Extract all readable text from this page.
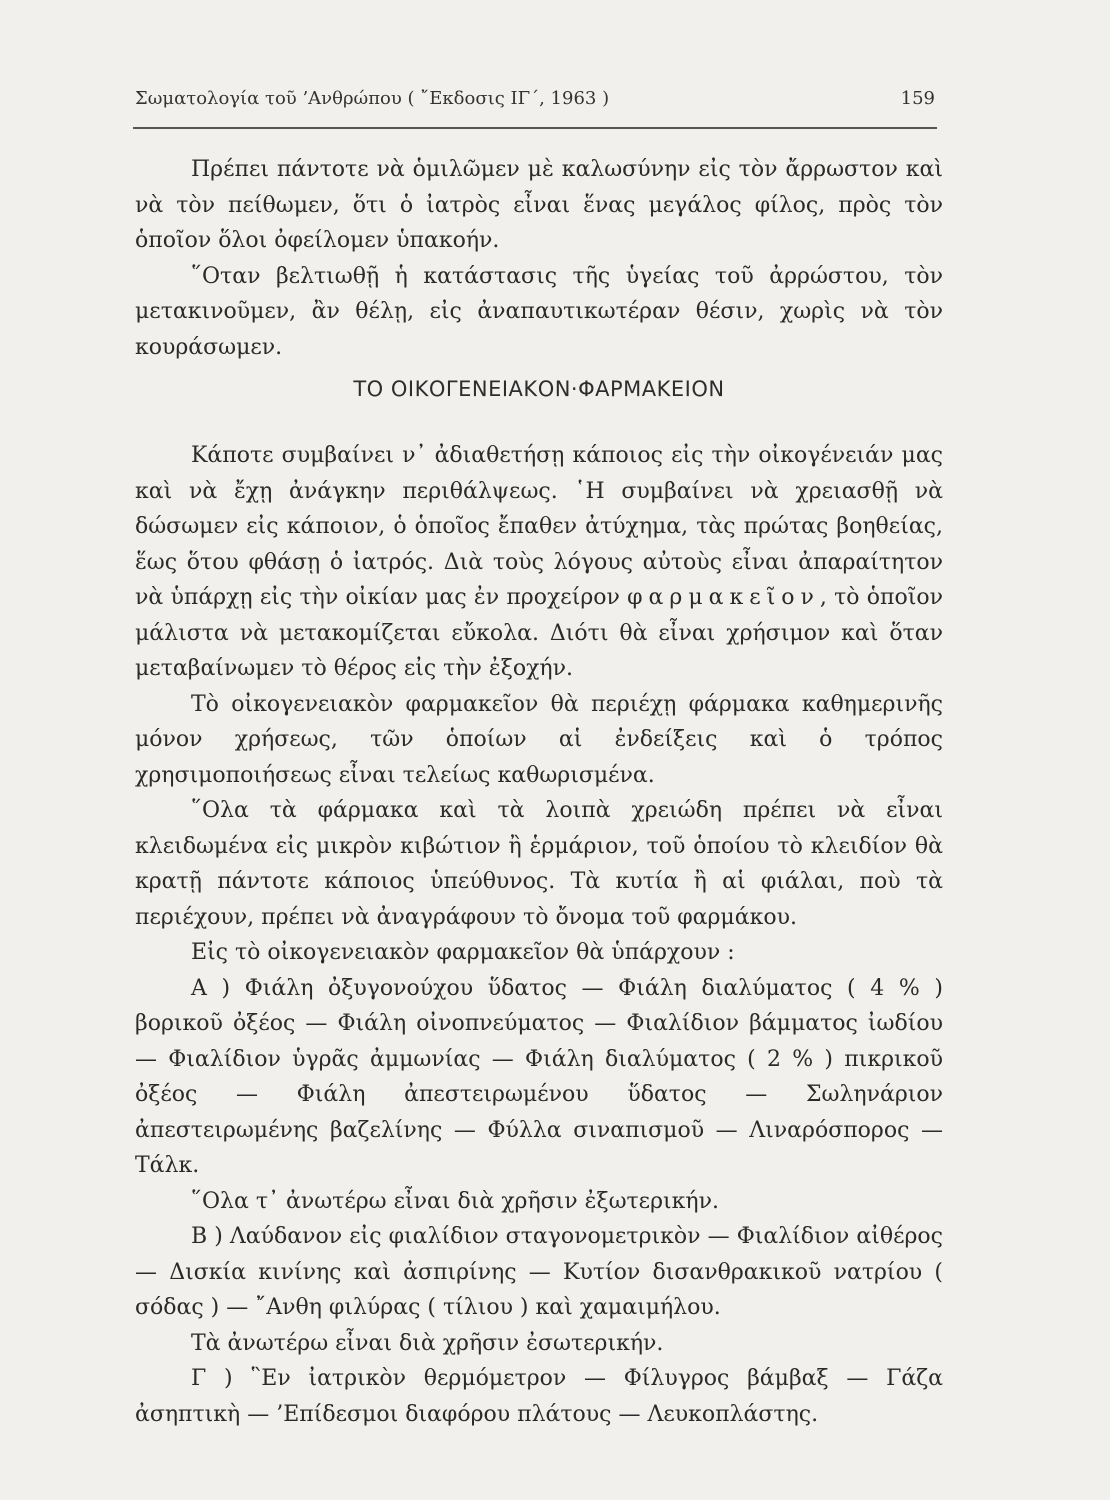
Σωματολογία τοῦ ’Ανθρώπου ( ῎Εκδοσις ΙΓ΄, 1963 )	159

Πρέπει πάντοτε νὰ ὁμιλῶμεν μὲ καλωσύνην εἰς τὸν ἄρρωστον καὶ νὰ τὸν πείθωμεν, ὅτι ὁ ἰατρὸς εἶναι ἕνας μεγάλος φίλος, πρὸς τὸν ὁποῖον ὅλοι ὀφείλομεν ὑπακοήν.

῞Οταν βελτιωθῇ ἡ κατάστασις τῆς ὑγείας τοῦ ἀρρώστου, τὸν μετακινοῦμεν, ἂν θέλῃ, εἰς ἀναπαυτικωτέραν θέσιν, χωρὶς νὰ τὸν κουράσωμεν.

ΤΟ ΟΙΚΟΓΕΝΕΙΑΚΟΝ·ΦΑΡΜΑΚΕΙΟΝ

Κάποτε συμβαίνει ν᾽ ἀδιαθετήσῃ κάποιος εἰς τὴν οἰκογένειάν μας καὶ νὰ ἔχῃ ἀνάγκην περιθάλψεως. ῾Η συμβαίνει νὰ χρειασθῇ νὰ δώσωμεν εἰς κάποιον, ὁ ὁποῖος ἔπαθεν ἀτύχημα, τὰς πρώτας βοηθείας, ἕως ὅτου φθάσῃ ὁ ἰατρός. Διὰ τοὺς λόγους αὐτοὺς εἶναι ἀπαραίτητον νὰ ὑπάρχῃ εἰς τὴν οἰκίαν μας ἐν προχείρον φαρμακεῖον, τὸ ὁποῖον μάλιστα νὰ μετακομίζεται εὔκολα. Διότι θὰ εἶναι χρήσιμον καὶ ὅταν μεταβαίνωμεν τὸ θέρος εἰς τὴν ἐξοχήν.

Τὸ οἰκογενειακὸν φαρμακεῖον θὰ περιέχῃ φάρμακα καθημερινῆς μόνον χρήσεως, τῶν ὁποίων αἱ ἐνδείξεις καὶ ὁ τρόπος χρησιμοποιήσεως εἶναι τελείως καθωρισμένα.

῞Ολα τὰ φάρμακα καὶ τὰ λοιπὰ χρειώδη πρέπει νὰ εἶναι κλειδωμένα εἰς μικρὸν κιβώτιον ἢ ἑρμάριον, τοῦ ὁποίου τὸ κλειδίον θὰ κρατῇ πάντοτε κάποιος ὑπεύθυνος. Τὰ κυτία ἢ αἱ φιάλαι, ποὺ τὰ περιέχουν, πρέπει νὰ ἀναγράφουν τὸ ὄνομα τοῦ φαρμάκου.

Εἰς τὸ οἰκογενειακὸν φαρμακεῖον θὰ ὑπάρχουν :

Α ) Φιάλη ὀξυγονούχου ὕδατος — Φιάλη διαλύματος ( 4 % ) βορικοῦ ὀξέος — Φιάλη οἰνοπνεύματος — Φιαλίδιον βάμματος ἰωδίου — Φιαλίδιον ὑγρᾶς ἀμμωνίας — Φιάλη διαλύματος ( 2 % ) πικρικοῦ ὀξέος — Φιάλη ἀπεστειρωμένου ὕδατος — Σωληνάριον ἀπεστειρωμένης βαζελίνης — Φύλλα σιναπισμοῦ — Λιναρόσπορος — Τάλκ.

῞Ολα τ᾽ ἀνωτέρω εἶναι διὰ χρῆσιν ἐξωτερικήν.

Β ) Λαύδανον εἰς φιαλίδιον σταγονομετρικὸν — Φιαλίδιον αἰθέρος — Δισκία κινίνης καὶ ἀσπιρίνης — Κυτίον δισανθρακικοῦ νατρίου ( σόδας ) — ῎Ανθη φιλύρας ( τίλιου ) καὶ χαμαιμήλου.

Τὰ ἀνωτέρω εἶναι διὰ χρῆσιν ἐσωτερικήν.

Γ ) ῝Εν ἰατρικὸν θερμόμετρον — Φίλυγρος βάμβαξ — Γάζα ἀσηπτικὴ — ’Επίδεσμοι διαφόρου πλάτους — Λευκοπλάστης.
